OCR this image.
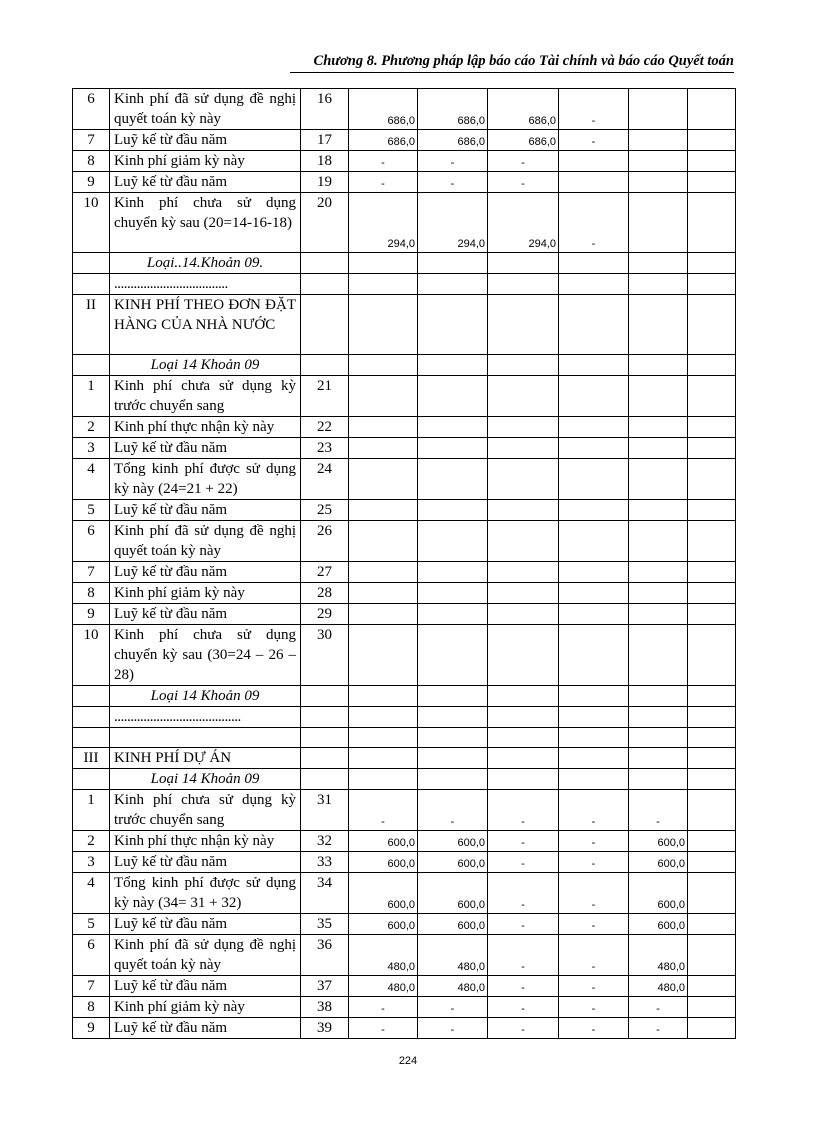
Chương 8. Phương pháp lập báo cáo Tài chính và báo cáo Quyết toán
6	Kinh phí đã sử dụng đề nghị quyết toán kỳ này	16	686,0	686,0	686,0	-		
7	Luỹ kế từ đầu năm	17	686,0	686,0	686,0	-		
8	Kinh phí giảm kỳ này	18	-	-	-			
9	Luỹ kế từ đầu năm	19	-	-	-			
10	Kinh phí chưa sử dụng chuyển kỳ sau (20=14-16-18)	20	294,0	294,0	294,0	-		
	Loại..14.Khoản 09.							
	...................................							
II	KINH PHÍ THEO ĐƠN ĐẶT HÀNG CỦA NHÀ NƯỚC							
	Loại 14 Khoản 09							
1	Kinh phí chưa sử dụng kỳ trước chuyển sang	21						
2	Kinh phí thực nhận kỳ này	22						
3	Luỹ kế từ đầu năm	23						
4	Tổng kinh phí được sử dụng kỳ này (24=21 + 22)	24						
5	Luỹ kế từ đầu năm	25						
6	Kinh phí đã sử dụng đề nghị quyết toán kỳ này	26						
7	Luỹ kế từ đầu năm	27						
8	Kinh phí giảm kỳ này	28						
9	Luỹ kế từ đầu năm	29						
10	Kinh phí chưa sử dụng chuyển kỳ sau (30=24 – 26 – 28)	30						
	Loại 14 Khoản 09							
	.......................................							

III	KINH PHÍ DỰ ÁN							
	Loại 14 Khoản 09							
1	Kinh phí chưa sử dụng kỳ trước chuyển sang	31	-	-	-	-	-	
2	Kinh phí thực nhận kỳ này	32	600,0	600,0	-	-	600,0	
3	Luỹ kế từ đầu năm	33	600,0	600,0	-	-	600,0	
4	Tổng kinh phí được sử dụng kỳ này (34= 31 + 32)	34	600,0	600,0	-	-	600,0	
5	Luỹ kế từ đầu năm	35	600,0	600,0	-	-	600,0	
6	Kinh phí đã sử dụng đề nghị quyết toán kỳ này	36	480,0	480,0	-	-	480,0	
7	Luỹ kế từ đầu năm	37	480,0	480,0	-	-	480,0	
8	Kinh phí giảm kỳ này	38	-	-	-	-	-	
9	Luỹ kế từ đầu năm	39	-	-	-	-	-	
224
